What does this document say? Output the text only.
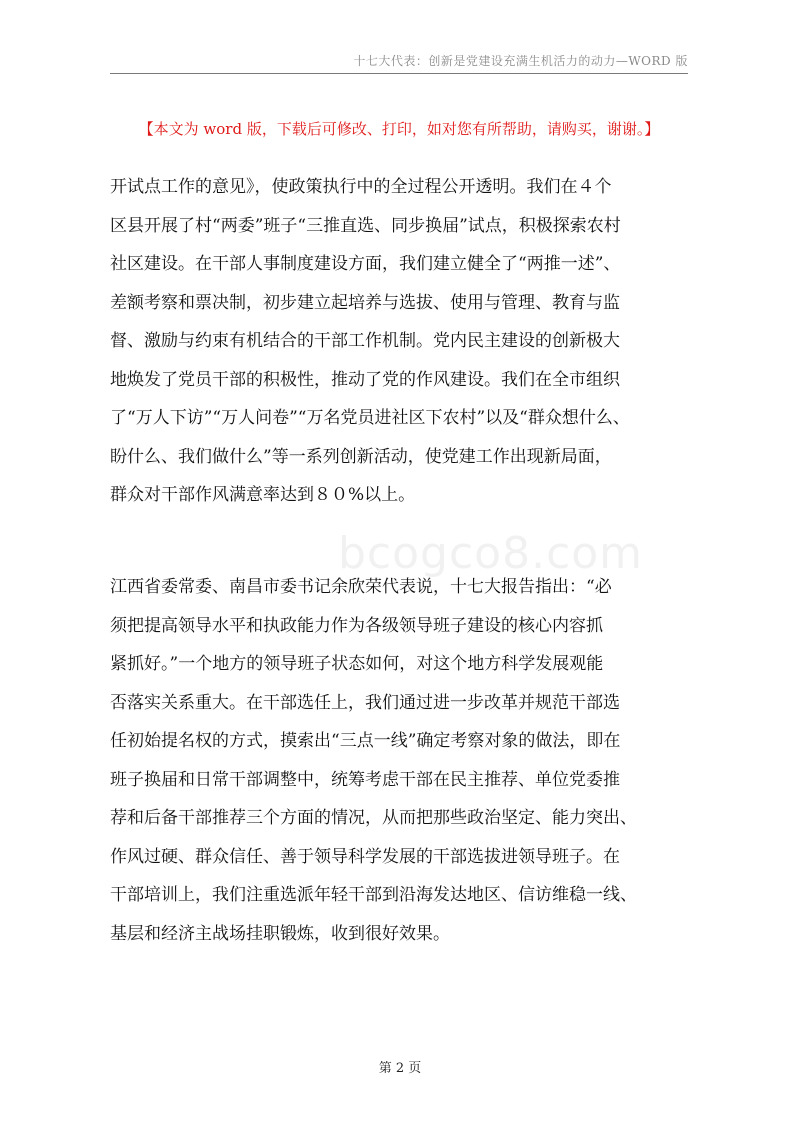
十七大代表：创新是党建设充满生机活力的动力—WORD 版
【本文为 word 版，下载后可修改、打印，如对您有所帮助，请购买，谢谢。】
bcogco8.com
开试点工作的意见》，使政策执行中的全过程公开透明。我们在４个
区县开展了村“两委”班子“三推直选、同步换届”试点，积极探索农村
社区建设。在干部人事制度建设方面，我们建立健全了“两推一述”、
差额考察和票决制，初步建立起培养与选拔、使用与管理、教育与监
督、激励与约束有机结合的干部工作机制。党内民主建设的创新极大
地焕发了党员干部的积极性，推动了党的作风建设。我们在全市组织
了“万人下访”“万人问卷”“万名党员进社区下农村”以及“群众想什么、
盼什么、我们做什么”等一系列创新活动，使党建工作出现新局面，
群众对干部作风满意率达到８０%以上。
江西省委常委、南昌市委书记余欣荣代表说，十七大报告指出：“必
须把提高领导水平和执政能力作为各级领导班子建设的核心内容抓
紧抓好。”一个地方的领导班子状态如何，对这个地方科学发展观能
否落实关系重大。在干部选任上，我们通过进一步改革并规范干部选
任初始提名权的方式，摸索出“三点一线”确定考察对象的做法，即在
班子换届和日常干部调整中，统筹考虑干部在民主推荐、单位党委推
荐和后备干部推荐三个方面的情况，从而把那些政治坚定、能力突出、
作风过硬、群众信任、善于领导科学发展的干部选拔进领导班子。在
干部培训上，我们注重选派年轻干部到沿海发达地区、信访维稳一线、
基层和经济主战场挂职锻炼，收到很好效果。
第 2 页
